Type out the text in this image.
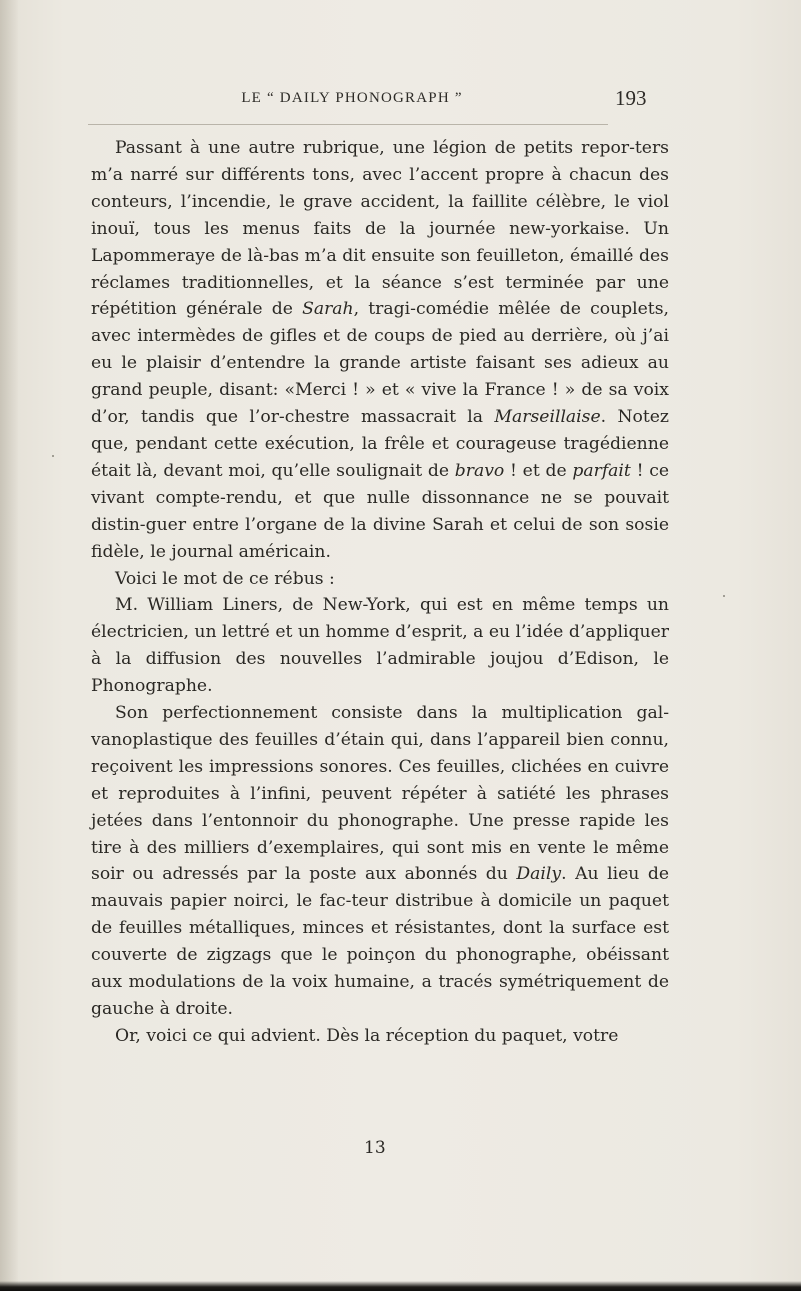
LE “ DAILY PHONOGRAPH ”	193

Passant à une autre rubrique, une légion de petits repor-ters m’a narré sur différents tons, avec l’accent propre à chacun des conteurs, l’incendie, le grave accident, la faillite célèbre, le viol inouï, tous les menus faits de la journée new-yorkaise. Un Lapommeraye de là-bas m’a dit ensuite son feuilleton, émaillé des réclames traditionnelles, et la séance s’est terminée par une répétition générale de Sarah, tragi-comédie mêlée de couplets, avec intermèdes de gifles et de coups de pied au derrière, où j’ai eu le plaisir d’entendre la grande artiste faisant ses adieux au grand peuple, disant: «Merci ! » et « vive la France ! » de sa voix d’or, tandis que l’or-chestre massacrait la Marseillaise. Notez que, pendant cette exécution, la frêle et courageuse tragédienne était là, devant moi, qu’elle soulignait de bravo ! et de parfait ! ce vivant compte-rendu, et que nulle dissonnance ne se pouvait distin-guer entre l’organe de la divine Sarah et celui de son sosie fidèle, le journal américain.

Voici le mot de ce rébus :

M. William Liners, de New-York, qui est en même temps un électricien, un lettré et un homme d’esprit, a eu l’idée d’appliquer à la diffusion des nouvelles l’admirable joujou d’Edison, le Phonographe.

Son perfectionnement consiste dans la multiplication gal-vanoplastique des feuilles d’étain qui, dans l’appareil bien connu, reçoivent les impressions sonores. Ces feuilles, clichées en cuivre et reproduites à l’infini, peuvent répéter à satiété les phrases jetées dans l’entonnoir du phonographe. Une presse rapide les tire à des milliers d’exemplaires, qui sont mis en vente le même soir ou adressés par la poste aux abonnés du Daily. Au lieu de mauvais papier noirci, le fac-teur distribue à domicile un paquet de feuilles métalliques, minces et résistantes, dont la surface est couverte de zigzags que le poinçon du phonographe, obéissant aux modulations de la voix humaine, a tracés symétriquement de gauche à droite.

Or, voici ce qui advient. Dès la réception du paquet, votre

13
